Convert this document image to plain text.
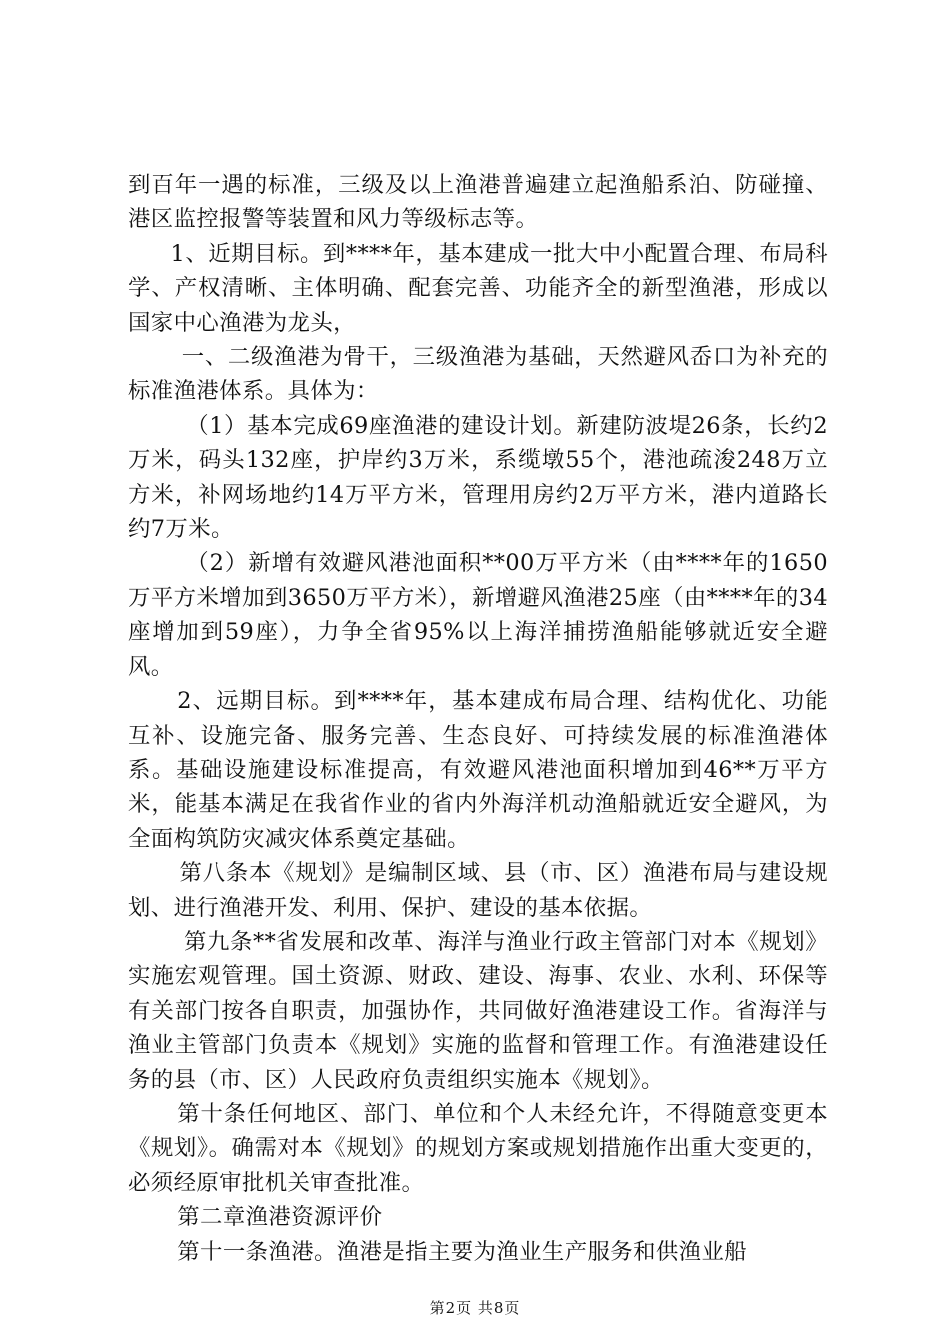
到百年一遇的标准，三级及以上渔港普遍建立起渔船系泊、防碰撞、港区监控报警等装置和风力等级标志等。

1、近期目标。到****年，基本建成一批大中小配置合理、布局科学、产权清晰、主体明确、配套完善、功能齐全的新型渔港，形成以国家中心渔港为龙头，

一、二级渔港为骨干，三级渔港为基础，天然避风岙口为补充的标准渔港体系。具体为：

（1）基本完成69座渔港的建设计划。新建防波堤26条，长约2万米，码头132座，护岸约3万米，系缆墩55个，港池疏浚248万立方米，补网场地约14万平方米，管理用房约2万平方米，港内道路长约7万米。

（2）新增有效避风港池面积**00万平方米（由****年的1650万平方米增加到3650万平方米），新增避风渔港25座（由****年的34座增加到59座），力争全省95%以上海洋捕捞渔船能够就近安全避风。

2、远期目标。到****年，基本建成布局合理、结构优化、功能互补、设施完备、服务完善、生态良好、可持续发展的标准渔港体系。基础设施建设标准提高，有效避风港池面积增加到46**万平方米，能基本满足在我省作业的省内外海洋机动渔船就近安全避风，为全面构筑防灾减灾体系奠定基础。

第八条本《规划》是编制区域、县（市、区）渔港布局与建设规划、进行渔港开发、利用、保护、建设的基本依据。

第九条**省发展和改革、海洋与渔业行政主管部门对本《规划》实施宏观管理。国土资源、财政、建设、海事、农业、水利、环保等有关部门按各自职责，加强协作，共同做好渔港建设工作。省海洋与渔业主管部门负责本《规划》实施的监督和管理工作。有渔港建设任务的县（市、区）人民政府负责组织实施本《规划》。

第十条任何地区、部门、单位和个人未经允许，不得随意变更本《规划》。确需对本《规划》的规划方案或规划措施作出重大变更的，必须经原审批机关审查批准。

第二章渔港资源评价

第十一条渔港。渔港是指主要为渔业生产服务和供渔业船

第2页 共8页
